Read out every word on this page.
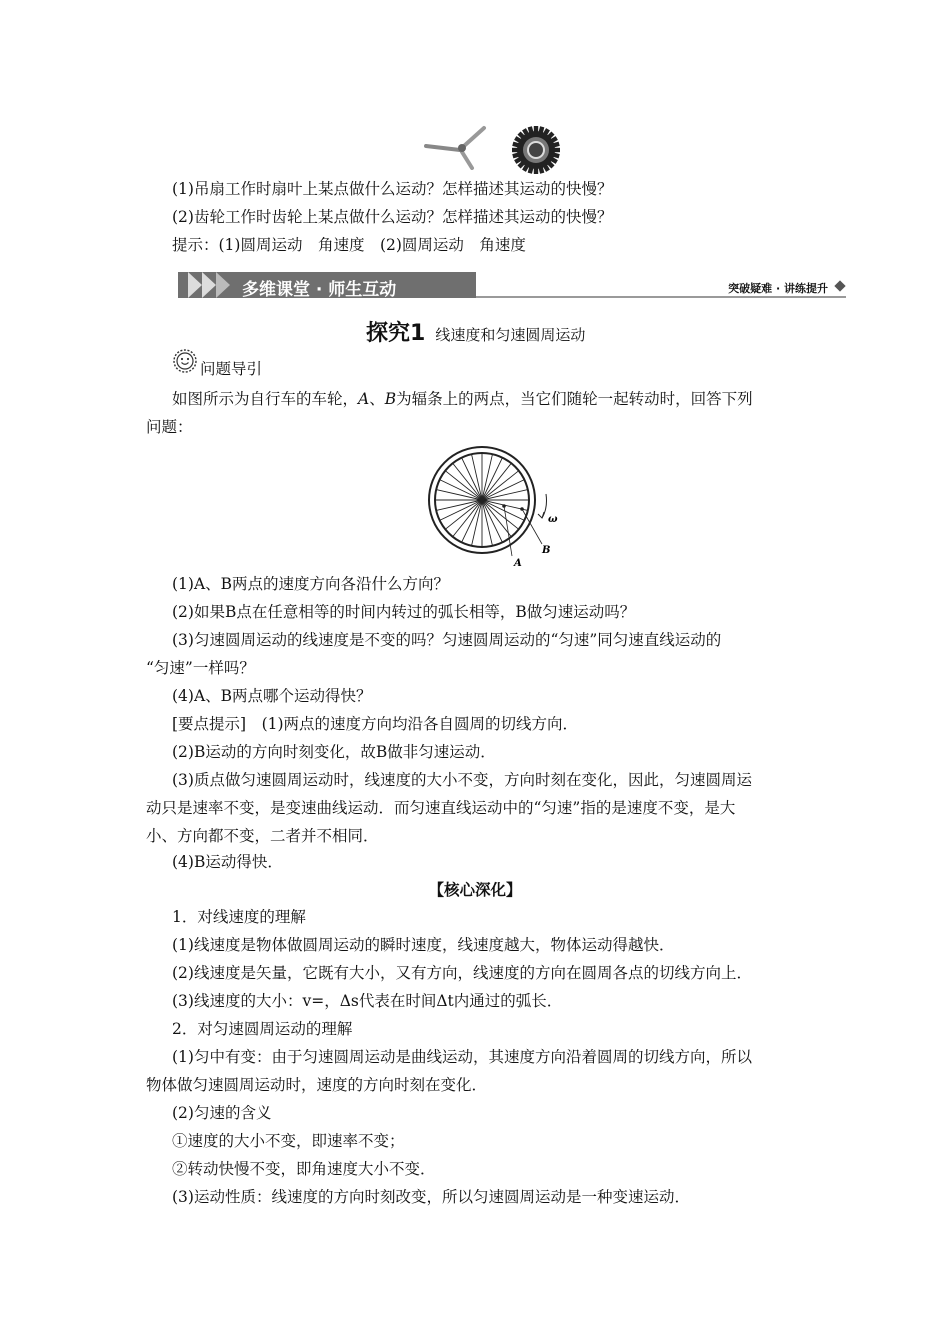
(1)吊扇工作时扇叶上某点做什么运动？怎样描述其运动的快慢？
(2)齿轮工作时齿轮上某点做什么运动？怎样描述其运动的快慢？
提示：(1)圆周运动　角速度　(2)圆周运动　角速度
多维课堂 · 师生互动	突破疑难 · 讲练提升
探究1 线速度和匀速圆周运动
问题导引
如图所示为自行车的车轮，A、B为辐条上的两点，当它们随轮一起转动时，回答下列
问题：
A
B
ω
(1)A、B两点的速度方向各沿什么方向？
(2)如果B点在任意相等的时间内转过的弧长相等，B做匀速运动吗？
(3)匀速圆周运动的线速度是不变的吗？匀速圆周运动的“匀速”同匀速直线运动的
“匀速”一样吗？
(4)A、B两点哪个运动得快？
[要点提示]　(1)两点的速度方向均沿各自圆周的切线方向．
(2)B运动的方向时刻变化，故B做非匀速运动．
(3)质点做匀速圆周运动时，线速度的大小不变，方向时刻在变化，因此，匀速圆周运
动只是速率不变，是变速曲线运动．而匀速直线运动中的“匀速”指的是速度不变，是大
小、方向都不变，二者并不相同．
(4)B运动得快．
【核心深化】
1．对线速度的理解
(1)线速度是物体做圆周运动的瞬时速度，线速度越大，物体运动得越快．
(2)线速度是矢量，它既有大小，又有方向，线速度的方向在圆周各点的切线方向上．
(3)线速度的大小：v=，Δs代表在时间Δt内通过的弧长．
2．对匀速圆周运动的理解
(1)匀中有变：由于匀速圆周运动是曲线运动，其速度方向沿着圆周的切线方向，所以
物体做匀速圆周运动时，速度的方向时刻在变化．
(2)匀速的含义
①速度的大小不变，即速率不变；
②转动快慢不变，即角速度大小不变．
(3)运动性质：线速度的方向时刻改变，所以匀速圆周运动是一种变速运动．
